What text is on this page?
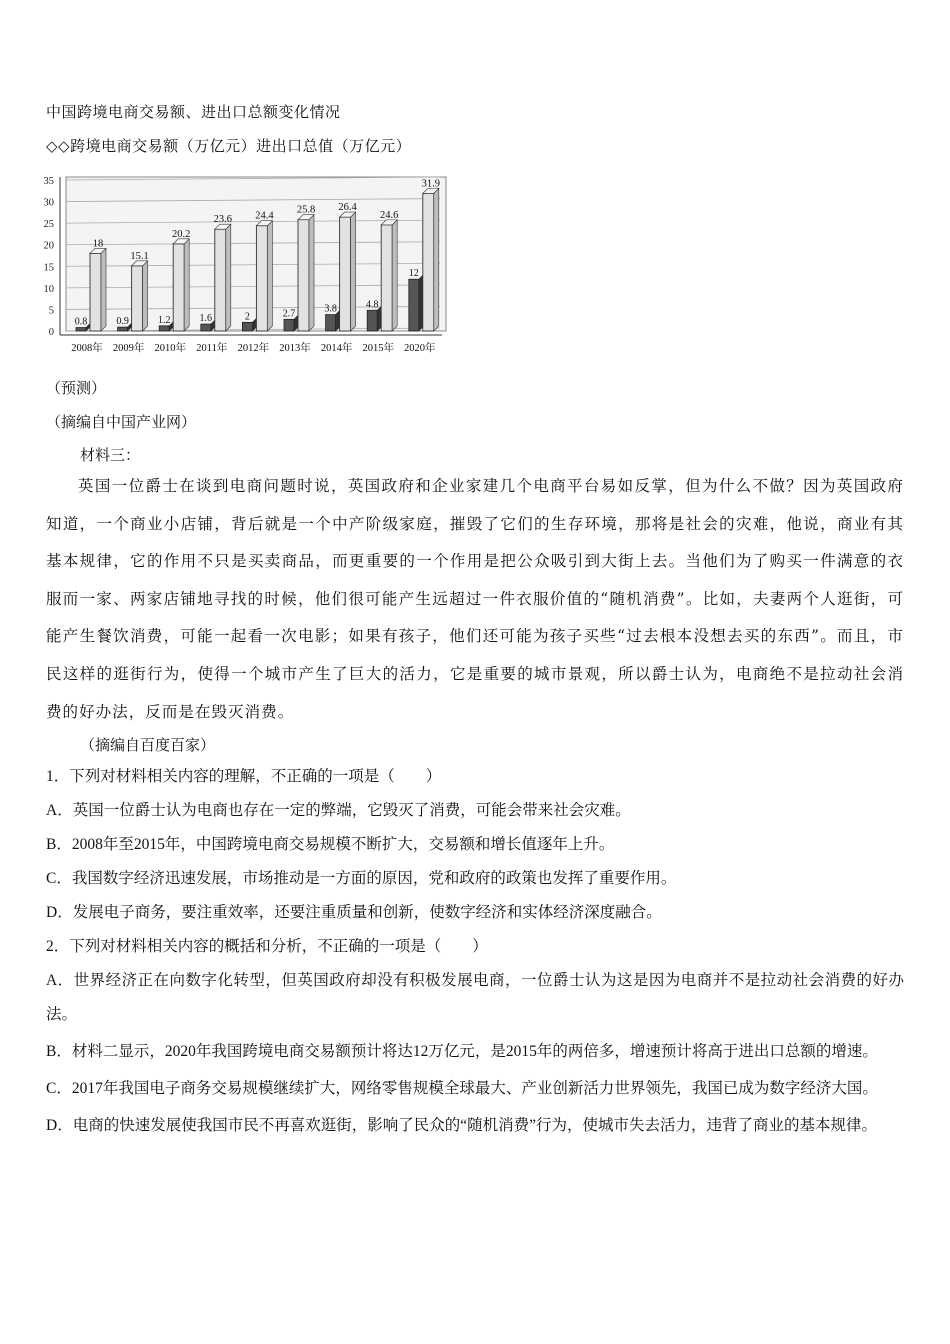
中国跨境电商交易额、进出口总额变化情况
◇◇跨境电商交易额（万亿元）进出口总值（万亿元）
0
5
10
15
20
25
30
35
0.8
18
0.9
15.1
1.2
20.2
1.6
23.6
2
24.4
2.7
25.8
3.8
26.4
4.8
24.6
12
31.9
2008年 2009年 2010年 2011年 2012年 2013年 2014年 2015年 2020年
（预测）
（摘编自中国产业网）
材料三：
英国一位爵士在谈到电商问题时说，英国政府和企业家建几个电商平台易如反掌，但为什么不做？因为英国政府知道，一个商业小店铺，背后就是一个中产阶级家庭，摧毁了它们的生存环境，那将是社会的灾难，他说，商业有其基本规律，它的作用不只是买卖商品，而更重要的一个作用是把公众吸引到大街上去。当他们为了购买一件满意的衣服而一家、两家店铺地寻找的时候，他们很可能产生远超过一件衣服价值的“随机消费”。比如，夫妻两个人逛街，可能产生餐饮消费，可能一起看一次电影；如果有孩子，他们还可能为孩子买些“过去根本没想去买的东西”。而且，市民这样的逛街行为，使得一个城市产生了巨大的活力，它是重要的城市景观，所以爵士认为，电商绝不是拉动社会消费的好办法，反而是在毁灭消费。
（摘编自百度百家）
1．下列对材料相关内容的理解，不正确的一项是（　　）
A．英国一位爵士认为电商也存在一定的弊端，它毁灭了消费，可能会带来社会灾难。
B．2008年至2015年，中国跨境电商交易规模不断扩大，交易额和增长值逐年上升。
C．我国数字经济迅速发展，市场推动是一方面的原因，党和政府的政策也发挥了重要作用。
D．发展电子商务，要注重效率，还要注重质量和创新，使数字经济和实体经济深度融合。
2．下列对材料相关内容的概括和分析，不正确的一项是（　　）
A．世界经济正在向数字化转型，但英国政府却没有积极发展电商，一位爵士认为这是因为电商并不是拉动社会消费的好办法。
B．材料二显示，2020年我国跨境电商交易额预计将达12万亿元，是2015年的两倍多，增速预计将高于进出口总额的增速。
C．2017年我国电子商务交易规模继续扩大，网络零售规模全球最大、产业创新活力世界领先，我国已成为数字经济大国。
D．电商的快速发展使我国市民不再喜欢逛街，影响了民众的“随机消费”行为，使城市失去活力，违背了商业的基本规律。
